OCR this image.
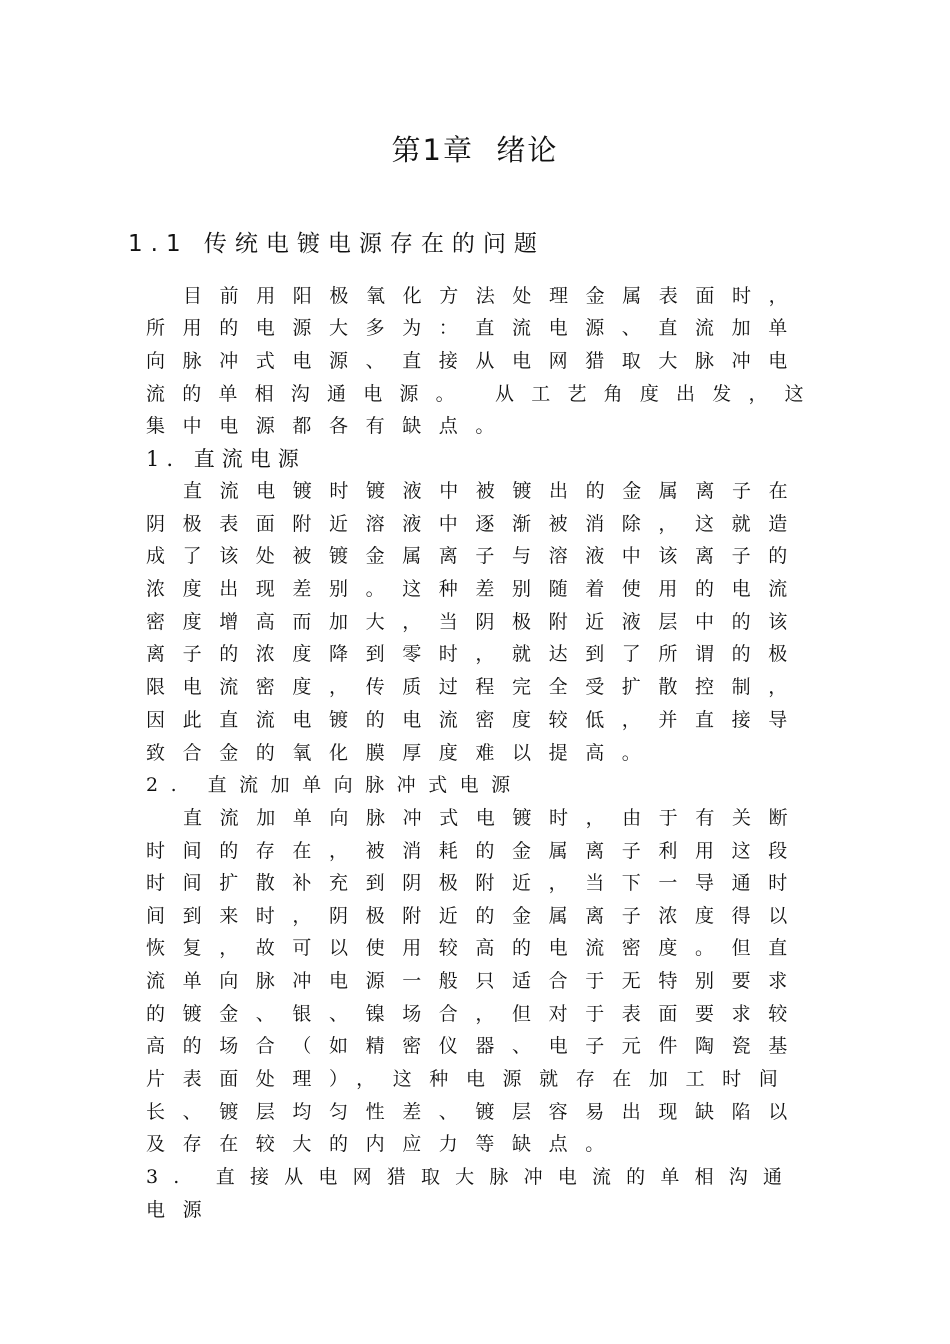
第1章  绪论
1.1 传统电镀电源存在的问题
目前用阳极氧化方法处理金属表面时，
所用的电源大多为：直流电源、直流加单
向脉冲式电源、直接从电网猎取大脉冲电
流的单相沟通电源。 从工艺角度出发，这
集中电源都各有缺点。
1. 直流电源
直流电镀时镀液中被镀出的金属离子在
阴极表面附近溶液中逐渐被消除，这就造
成了该处被镀金属离子与溶液中该离子的
浓度出现差别。这种差别随着使用的电流
密度增高而加大，当阴极附近液层中的该
离子的浓度降到零时，就达到了所谓的极
限电流密度，传质过程完全受扩散控制，
因此直流电镀的电流密度较低，并直接导
致合金的氧化膜厚度难以提高。
2. 直流加单向脉冲式电源
直流加单向脉冲式电镀时，由于有关断
时间的存在，被消耗的金属离子利用这段
时间扩散补充到阴极附近，当下一导通时
间到来时，阴极附近的金属离子浓度得以
恢复，故可以使用较高的电流密度。但直
流单向脉冲电源一般只适合于无特别要求
的镀金、银、镍场合，但对于表面要求较
高的场合（如精密仪器、电子元件陶瓷基
片表面处理），这种电源就存在加工时间
长、镀层均匀性差、镀层容易出现缺陷以
及存在较大的内应力等缺点。
3. 直接从电网猎取大脉冲电流的单相沟通
电源
